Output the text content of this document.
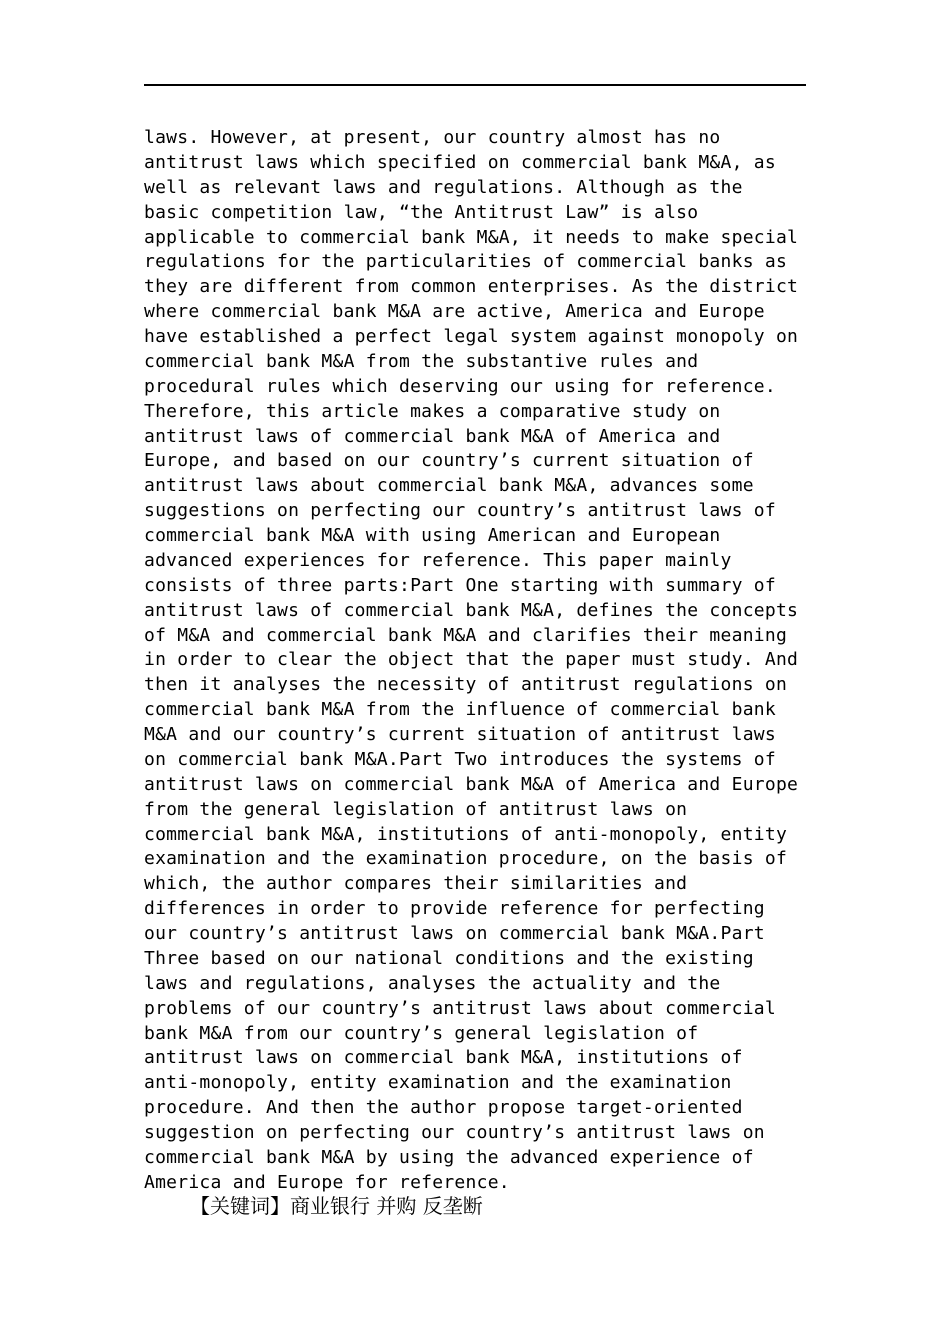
laws. However, at present, our country almost has no
antitrust laws which specified on commercial bank M&A, as
well as relevant laws and regulations. Although as the
basic competition law, “the Antitrust Law” is also
applicable to commercial bank M&A, it needs to make special
regulations for the particularities of commercial banks as
they are different from common enterprises. As the district
where commercial bank M&A are active, America and Europe
have established a perfect legal system against monopoly on
commercial bank M&A from the substantive rules and
procedural rules which deserving our using for reference.
Therefore, this article makes a comparative study on
antitrust laws of commercial bank M&A of America and
Europe, and based on our country’s current situation of
antitrust laws about commercial bank M&A, advances some
suggestions on perfecting our country’s antitrust laws of
commercial bank M&A with using American and European
advanced experiences for reference. This paper mainly
consists of three parts:Part One starting with summary of
antitrust laws of commercial bank M&A, defines the concepts
of M&A and commercial bank M&A and clarifies their meaning
in order to clear the object that the paper must study. And
then it analyses the necessity of antitrust regulations on
commercial bank M&A from the influence of commercial bank
M&A and our country’s current situation of antitrust laws
on commercial bank M&A.Part Two introduces the systems of
antitrust laws on commercial bank M&A of America and Europe
from the general legislation of antitrust laws on
commercial bank M&A, institutions of anti-monopoly, entity
examination and the examination procedure, on the basis of
which, the author compares their similarities and
differences in order to provide reference for perfecting
our country’s antitrust laws on commercial bank M&A.Part
Three based on our national conditions and the existing
laws and regulations, analyses the actuality and the
problems of our country’s antitrust laws about commercial
bank M&A from our country’s general legislation of
antitrust laws on commercial bank M&A, institutions of
anti-monopoly, entity examination and the examination
procedure. And then the author propose target-oriented
suggestion on perfecting our country’s antitrust laws on
commercial bank M&A by using the advanced experience of
America and Europe for reference.
【关键词】商业银行 并购 反垄断
